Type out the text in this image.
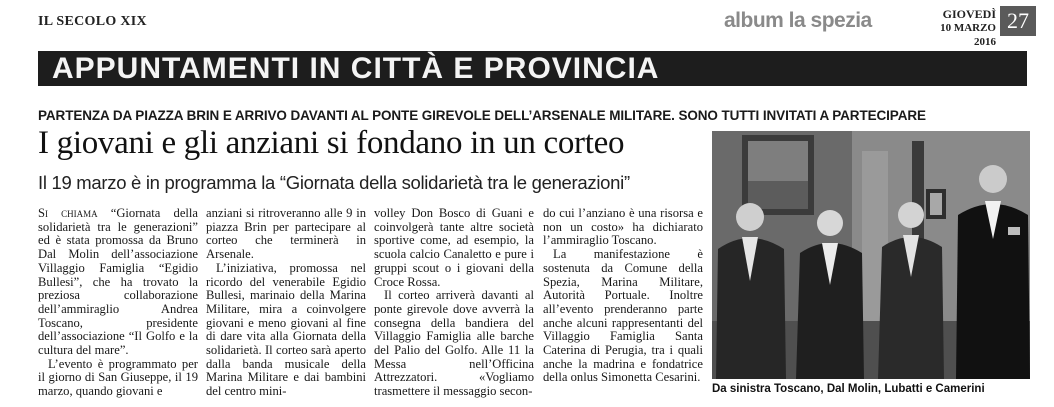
IL SECOLO XIX	album la spezia	GIOVEDÌ
10 MARZO 2016
27
APPUNTAMENTI IN CITTÀ E PROVINCIA
PARTENZA DA PIAZZA BRIN E ARRIVO DAVANTI AL PONTE GIREVOLE DELL’ARSENALE MILITARE. SONO TUTTI INVITATI A PARTECIPARE
I giovani e gli anziani si fondano in un corteo
Il 19 marzo è in programma la “Giornata della solidarietà tra le generazioni”

Si chiama “Giornata della solidarietà tra le generazioni” ed è stata promossa da Bruno Dal Molin dell’associazione Villaggio Famiglia “Egidio Bullesi”, che ha trovato la preziosa collaborazione dell’ammiraglio Andrea Toscano, presidente dell’associazione “Il Golfo e la cultura del mare”.

L’evento è programmato per il giorno di San Giuseppe, il 19 marzo, quando giovani e

anziani si ritroveranno alle 9 in piazza Brin per partecipare al corteo che terminerà in Arsenale.

L’iniziativa, promossa nel ricordo del venerabile Egidio Bullesi, marinaio della Marina Militare, mira a coinvolgere giovani e meno giovani al fine di dare vita alla Giornata della solidarietà. Il corteo sarà aperto dalla banda musicale della Marina Militare e dai bambini del centro mini-

volley Don Bosco di Guani e coinvolgerà tante altre società sportive come, ad esempio, la scuola calcio Canaletto e pure i gruppi scout o i giovani della Croce Rossa.

Il corteo arriverà davanti al ponte girevole dove avverrà la consegna della bandiera del Villaggio Famiglia alle barche del Palio del Golfo. Alle 11 la Messa nell’Officina Attrezzatori. «Vogliamo trasmettere il messaggio secon-

do cui l’anziano è una risorsa e non un costo» ha dichiarato l’ammiraglio Toscano.

La manifestazione è sostenuta da Comune della Spezia, Marina Militare, Autorità Portuale. Inoltre all’evento prenderanno parte anche alcuni rappresentanti del Villaggio Famiglia Santa Caterina di Perugia, tra i quali anche la madrina e fondatrice della onlus Simonetta Cesarini.

Da sinistra Toscano, Dal Molin, Lubatti e Camerini
